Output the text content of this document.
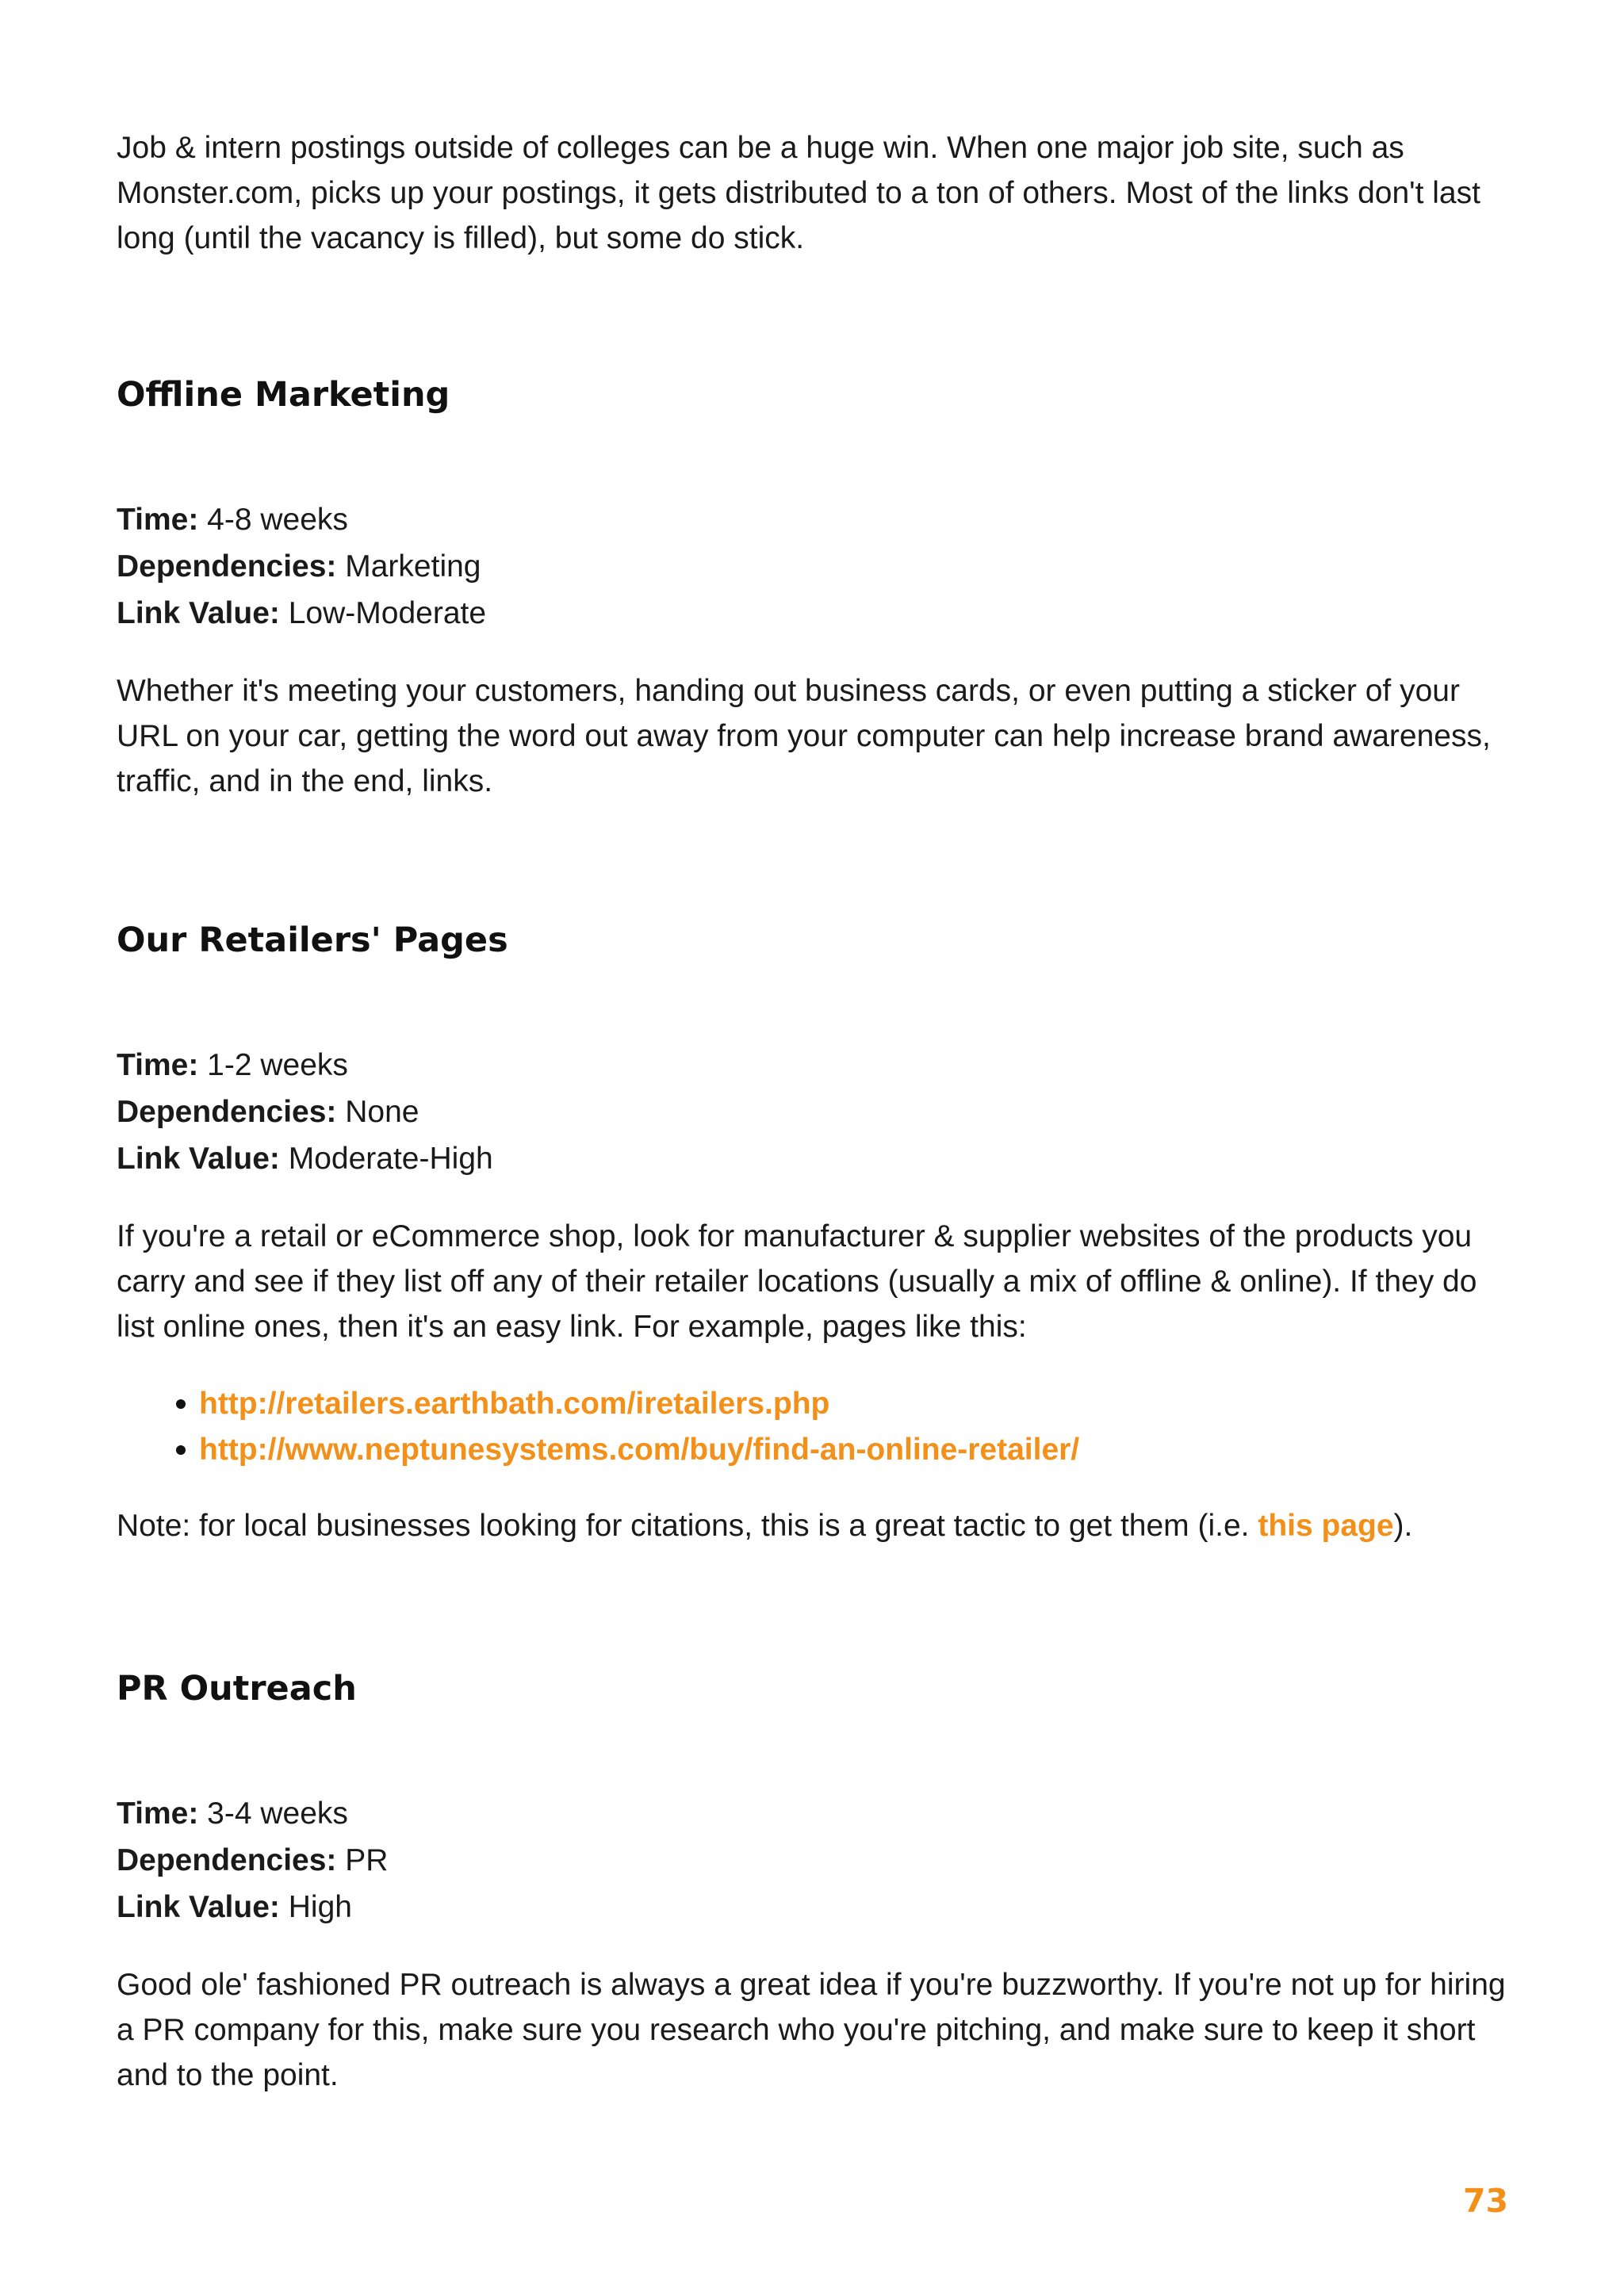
Job & intern postings outside of colleges can be a huge win. When one major job site, such as Monster.com, picks up your postings, it gets distributed to a ton of others. Most of the links don't last long (until the vacancy is filled), but some do stick.

Offline Marketing

Time: 4-8 weeks

Dependencies: Marketing

Link Value: Low-Moderate

Whether it's meeting your customers, handing out business cards, or even putting a sticker of your URL on your car, getting the word out away from your computer can help increase brand awareness, traffic, and in the end, links.

Our Retailers' Pages

Time: 1-2 weeks

Dependencies: None

Link Value: Moderate-High

If you're a retail or eCommerce shop, look for manufacturer & supplier websites of the products you carry and see if they list off any of their retailer locations (usually a mix of offline & online). If they do list online ones, then it's an easy link. For example, pages like this:

http://retailers.earthbath.com/iretailers.php
http://www.neptunesystems.com/buy/find-an-online-retailer/

Note: for local businesses looking for citations, this is a great tactic to get them (i.e. this page).

PR Outreach

Time: 3-4 weeks

Dependencies: PR

Link Value: High

Good ole' fashioned PR outreach is always a great idea if you're buzzworthy. If you're not up for hiring a PR company for this, make sure you research who you're pitching, and make sure to keep it short and to the point.

73
